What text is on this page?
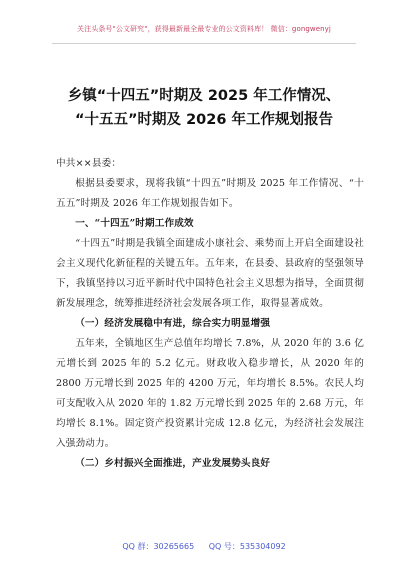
关注头条号"公文研究"，获得最新最全最专业的公文资料库！ 微信：gongwenyj
乡镇“十四五”时期及 2025 年工作情况、
“十五五”时期及 2026 年工作规划报告

中共××县委：

根据县委要求，现将我镇“十四五”时期及 2025 年工作情况、“十五五”时期及 2026 年工作规划报告如下。

一、“十四五”时期工作成效

“十四五”时期是我镇全面建成小康社会、乘势而上开启全面建设社会主义现代化新征程的关键五年。五年来，在县委、县政府的坚强领导下，我镇坚持以习近平新时代中国特色社会主义思想为指导，全面贯彻新发展理念，统筹推进经济社会发展各项工作，取得显著成效。

（一）经济发展稳中有进，综合实力明显增强

五年来，全镇地区生产总值年均增长 7.8%，从 2020 年的 3.6 亿元增长到 2025 年的 5.2 亿元。财政收入稳步增长，从 2020 年的 2800 万元增长到 2025 年的 4200 万元，年均增长 8.5%。农民人均可支配收入从 2020 年的 1.82 万元增长到 2025 年的 2.68 万元，年均增长 8.1%。固定资产投资累计完成 12.8 亿元，为经济社会发展注入强劲动力。

（二）乡村振兴全面推进，产业发展势头良好

QQ 群：30265665 QQ 号：535304092
